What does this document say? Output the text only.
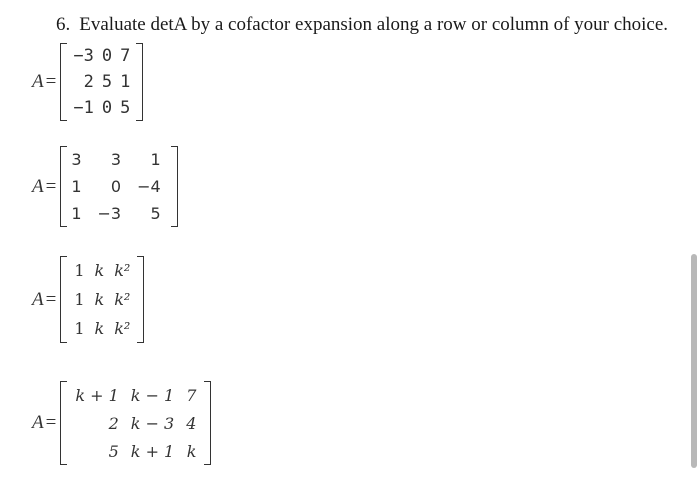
6. Evaluate detA by a cofactor expansion along a row or column of your choice.
A =
−3	0	7
2	5	1
−1	0	5
A =
3	3	1
1	0	−4
1	−3	5
A =
1	k	k²
1	k	k²
1	k	k²
A =
k + 1	k − 1	7
2	k − 3	4
5	k + 1	k
